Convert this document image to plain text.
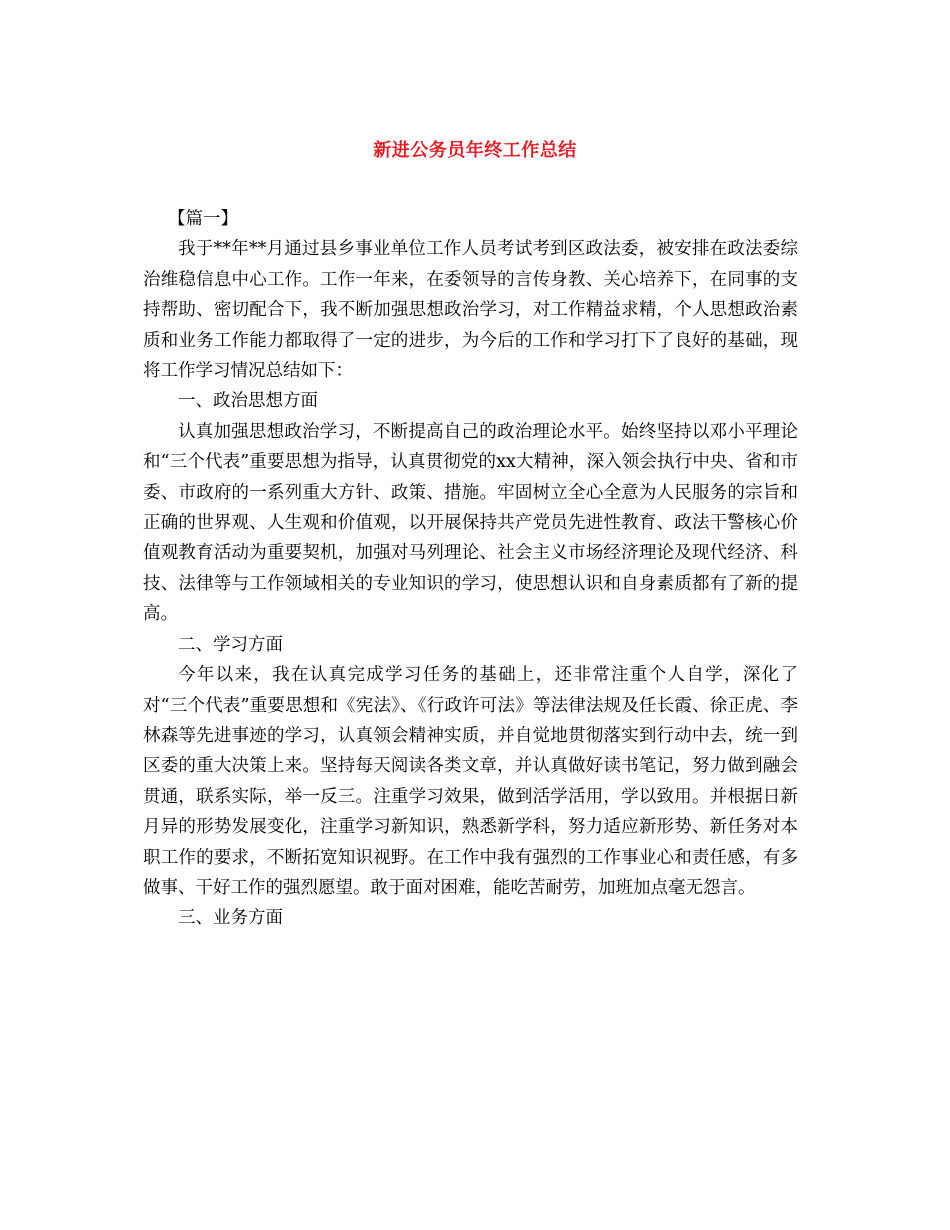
新进公务员年终工作总结

【篇一】

我于**年**月通过县乡事业单位工作人员考试考到区政法委，被安排在政法委综治维稳信息中心工作。工作一年来，在委领导的言传身教、关心培养下，在同事的支持帮助、密切配合下，我不断加强思想政治学习，对工作精益求精，个人思想政治素质和业务工作能力都取得了一定的进步，为今后的工作和学习打下了良好的基础，现将工作学习情况总结如下：

一、政治思想方面

认真加强思想政治学习，不断提高自己的政治理论水平。始终坚持以邓小平理论和“三个代表”重要思想为指导，认真贯彻党的xx大精神，深入领会执行中央、省和市委、市政府的一系列重大方针、政策、措施。牢固树立全心全意为人民服务的宗旨和正确的世界观、人生观和价值观，以开展保持共产党员先进性教育、政法干警核心价值观教育活动为重要契机，加强对马列理论、社会主义市场经济理论及现代经济、科技、法律等与工作领域相关的专业知识的学习，使思想认识和自身素质都有了新的提高。

二、学习方面

今年以来，我在认真完成学习任务的基础上，还非常注重个人自学，深化了对“三个代表”重要思想和《宪法》、《行政许可法》等法律法规及任长霞、徐正虎、李林森等先进事迹的学习，认真领会精神实质，并自觉地贯彻落实到行动中去，统一到区委的重大决策上来。坚持每天阅读各类文章，并认真做好读书笔记，努力做到融会贯通，联系实际，举一反三。注重学习效果，做到活学活用，学以致用。并根据日新月异的形势发展变化，注重学习新知识，熟悉新学科，努力适应新形势、新任务对本职工作的要求，不断拓宽知识视野。在工作中我有强烈的工作事业心和责任感，有多做事、干好工作的强烈愿望。敢于面对困难，能吃苦耐劳，加班加点毫无怨言。

三、业务方面
